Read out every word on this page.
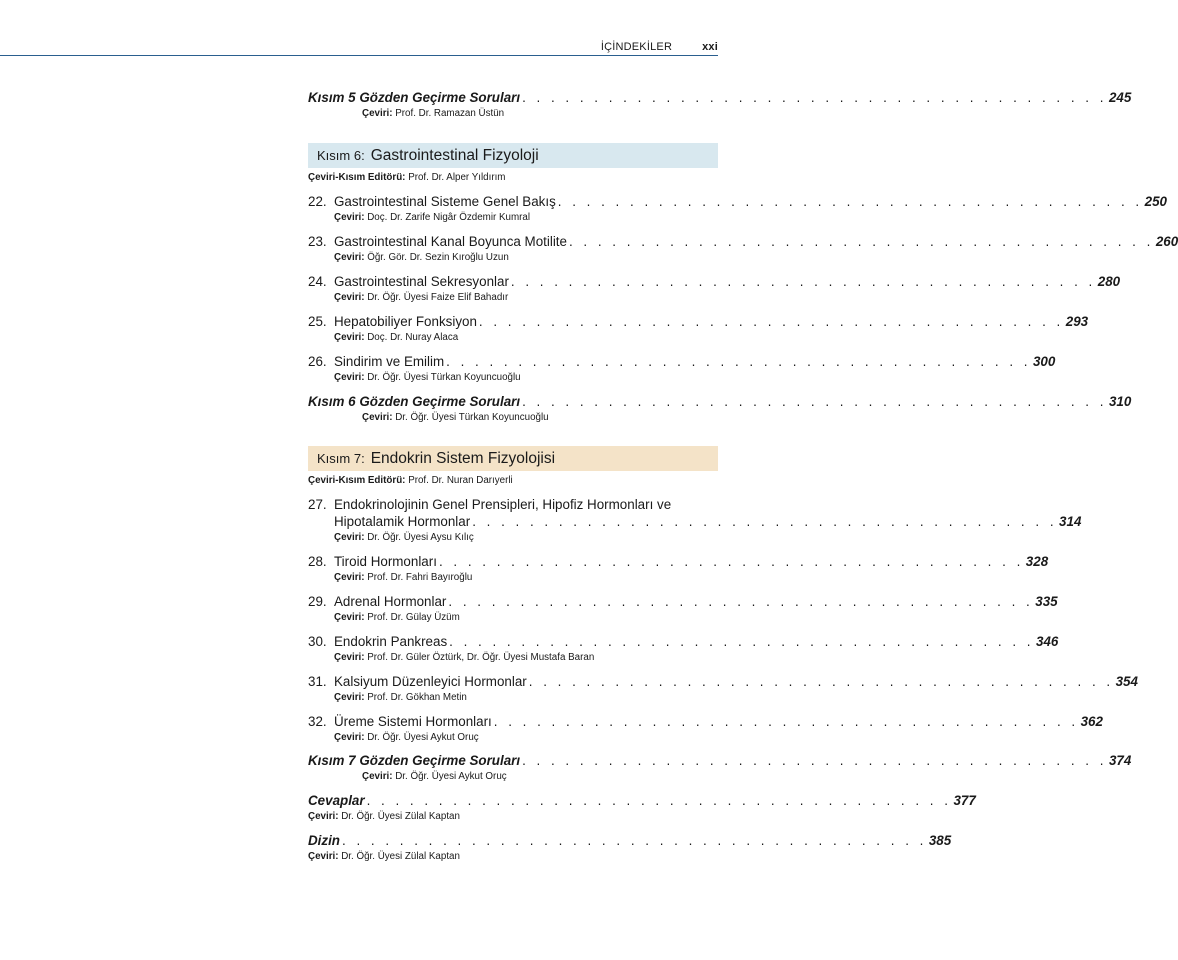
İÇİNDEKİLER	xxi
Kısım 5 Gözden Geçirme Soruları . . . . . . . . . . . . . . . . . . . . . . . . . . . . . . . . . . . . . . . . . 245
Çeviri: Prof. Dr. Ramazan Üstün
Kısım 6: Gastrointestinal Fizyoloji
Çeviri-Kısım Editörü: Prof. Dr. Alper Yıldırım
22. Gastrointestinal Sisteme Genel Bakış . . . . . . . . . . . . . . . . . . . . . . . . . . . . . . . . . . . . . . . . . 250
Çeviri: Doç. Dr. Zarife Nigâr Özdemir Kumral
23. Gastrointestinal Kanal Boyunca Motilite . . . . . . . . . . . . . . . . . . . . . . . . . . . . . . . . . . . . . . . . . 260
Çeviri: Öğr. Gör. Dr. Sezin Kıroğlu Uzun
24. Gastrointestinal Sekresyonlar . . . . . . . . . . . . . . . . . . . . . . . . . . . . . . . . . . . . . . . . . 280
Çeviri: Dr. Öğr. Üyesi Faize Elif Bahadır
25. Hepatobiliyer Fonksiyon . . . . . . . . . . . . . . . . . . . . . . . . . . . . . . . . . . . . . . . . . 293
Çeviri: Doç. Dr. Nuray Alaca
26. Sindirim ve Emilim . . . . . . . . . . . . . . . . . . . . . . . . . . . . . . . . . . . . . . . . . 300
Çeviri: Dr. Öğr. Üyesi Türkan Koyuncuoğlu
Kısım 6 Gözden Geçirme Soruları . . . . . . . . . . . . . . . . . . . . . . . . . . . . . . . . . . . . . . . . . 310
Çeviri: Dr. Öğr. Üyesi Türkan Koyuncuoğlu
Kısım 7: Endokrin Sistem Fizyolojisi
Çeviri-Kısım Editörü: Prof. Dr. Nuran Darıyerli
27. Endokrinolojinin Genel Prensipleri, Hipofiz Hormonları ve
Hipotalamik Hormonlar . . . . . . . . . . . . . . . . . . . . . . . . . . . . . . . . . . . . . . . . . 314
Çeviri: Dr. Öğr. Üyesi Aysu Kılıç
28. Tiroid Hormonları . . . . . . . . . . . . . . . . . . . . . . . . . . . . . . . . . . . . . . . . . 328
Çeviri: Prof. Dr. Fahri Bayıroğlu
29. Adrenal Hormonlar . . . . . . . . . . . . . . . . . . . . . . . . . . . . . . . . . . . . . . . . . 335
Çeviri: Prof. Dr. Gülay Üzüm
30. Endokrin Pankreas . . . . . . . . . . . . . . . . . . . . . . . . . . . . . . . . . . . . . . . . . 346
Çeviri: Prof. Dr. Güler Öztürk, Dr. Öğr. Üyesi Mustafa Baran
31. Kalsiyum Düzenleyici Hormonlar . . . . . . . . . . . . . . . . . . . . . . . . . . . . . . . . . . . . . . . . . 354
Çeviri: Prof. Dr. Gökhan Metin
32. Üreme Sistemi Hormonları . . . . . . . . . . . . . . . . . . . . . . . . . . . . . . . . . . . . . . . . . 362
Çeviri: Dr. Öğr. Üyesi Aykut Oruç
Kısım 7 Gözden Geçirme Soruları . . . . . . . . . . . . . . . . . . . . . . . . . . . . . . . . . . . . . . . . . 374
Çeviri: Dr. Öğr. Üyesi Aykut Oruç
Cevaplar . . . . . . . . . . . . . . . . . . . . . . . . . . . . . . . . . . . . . . . . . 377
Çeviri: Dr. Öğr. Üyesi Zülal Kaptan
Dizin . . . . . . . . . . . . . . . . . . . . . . . . . . . . . . . . . . . . . . . . . 385
Çeviri: Dr. Öğr. Üyesi Zülal Kaptan
